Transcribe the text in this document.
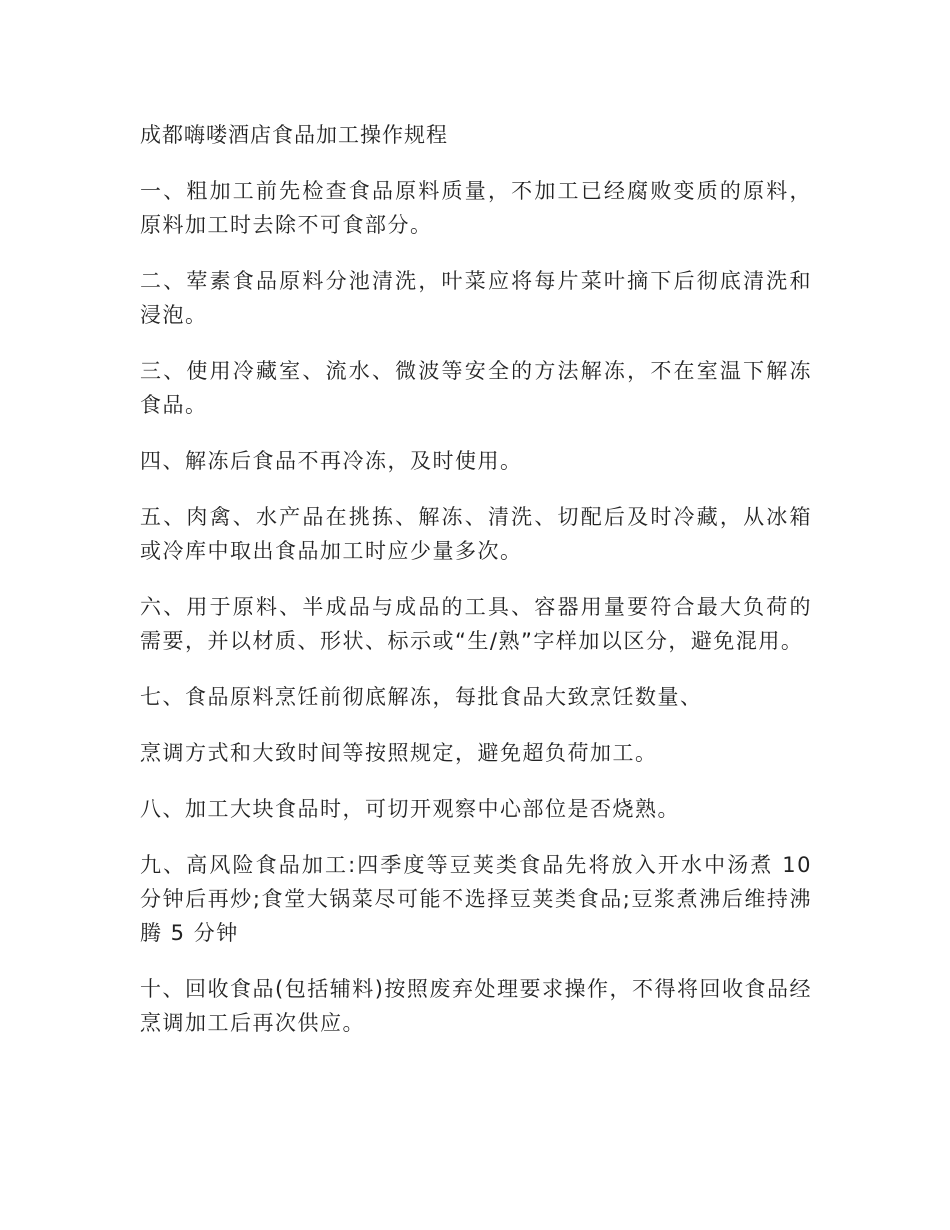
成都嗨喽酒店食品加工操作规程

一、粗加工前先检查食品原料质量，不加工已经腐败变质的原料，原料加工时去除不可食部分。

二、荤素食品原料分池清洗，叶菜应将每片菜叶摘下后彻底清洗和浸泡。

三、使用冷藏室、流水、微波等安全的方法解冻，不在室温下解冻食品。

四、解冻后食品不再冷冻，及时使用。

五、肉禽、水产品在挑拣、解冻、清洗、切配后及时冷藏，从冰箱或冷库中取出食品加工时应少量多次。

六、用于原料、半成品与成品的工具、容器用量要符合最大负荷的需要，并以材质、形状、标示或“生/熟”字样加以区分，避免混用。

七、食品原料烹饪前彻底解冻，每批食品大致烹饪数量、

烹调方式和大致时间等按照规定，避免超负荷加工。

八、加工大块食品时，可切开观察中心部位是否烧熟。

九、高风险食品加工:四季度等豆荚类食品先将放入开水中汤煮 10 分钟后再炒;食堂大锅菜尽可能不选择豆荚类食品;豆浆煮沸后维持沸腾 5 分钟

十、回收食品(包括辅料)按照废弃处理要求操作，不得将回收食品经烹调加工后再次供应。
